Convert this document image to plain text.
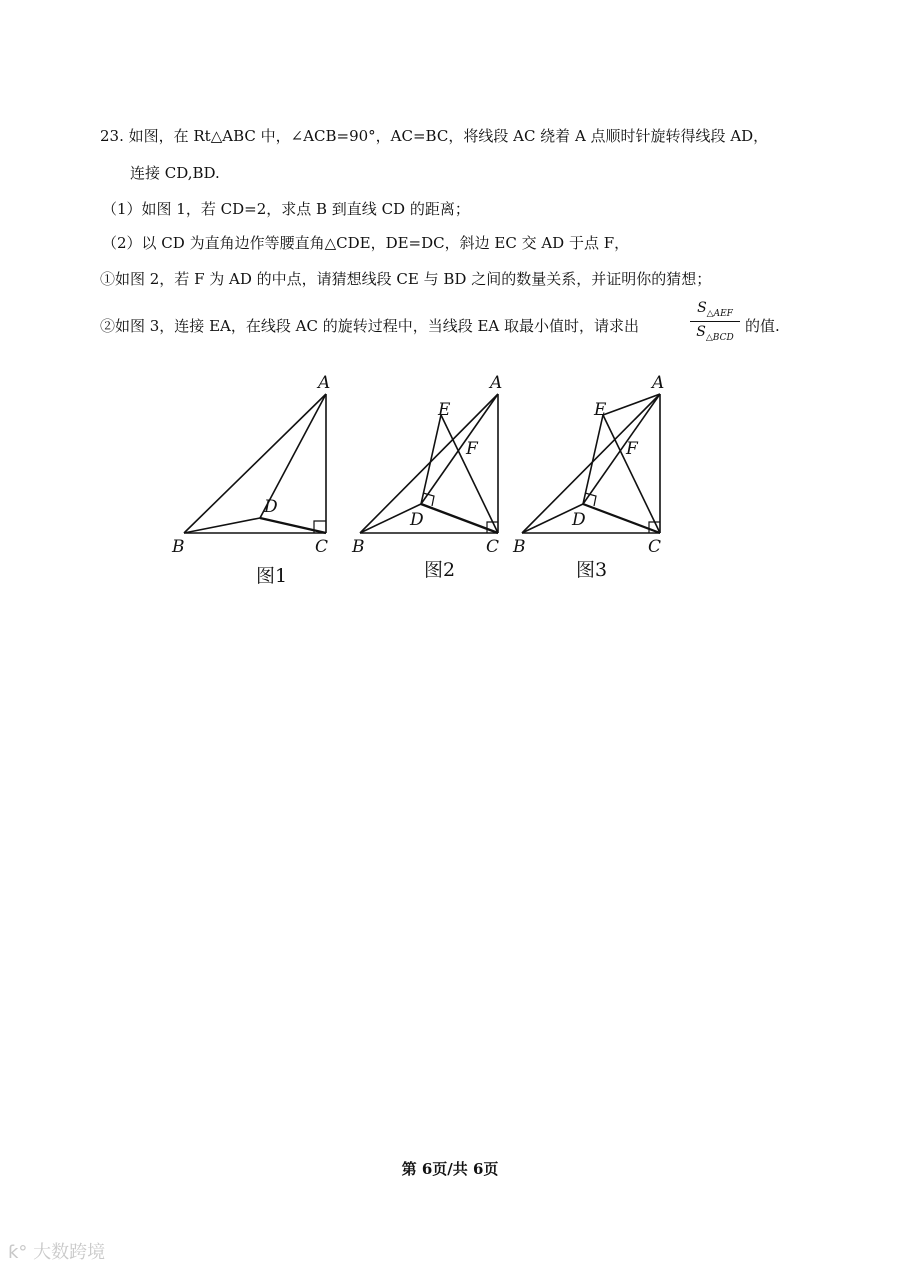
23. 如图，在 Rt△ABC 中，∠ACB=90°，AC=BC，将线段 AC 绕着 A 点顺时针旋转得线段 AD，
连接 CD,BD.
（1）如图 1，若 CD=2，求点 B 到直线 CD 的距离；
（2）以 CD 为直角边作等腰直角△CDE，DE=DC，斜边 EC 交 AD 于点 F，
①如图 2，若 F 为 AD 的中点，请猜想线段 CE 与 BD 之间的数量关系，并证明你的猜想；
②如图 3，连接 EA，在线段 AC 的旋转过程中，当线段 EA 取最小值时，请求出
$S_{\triangle AEF}$
$S_{\triangle BCD}$
的值.
A
B	C
D
A
B	C
D
E
F
A
B	C
D
E
F
图1	图2	图3
第 6页/共 6页
ƙ° 大数跨境
